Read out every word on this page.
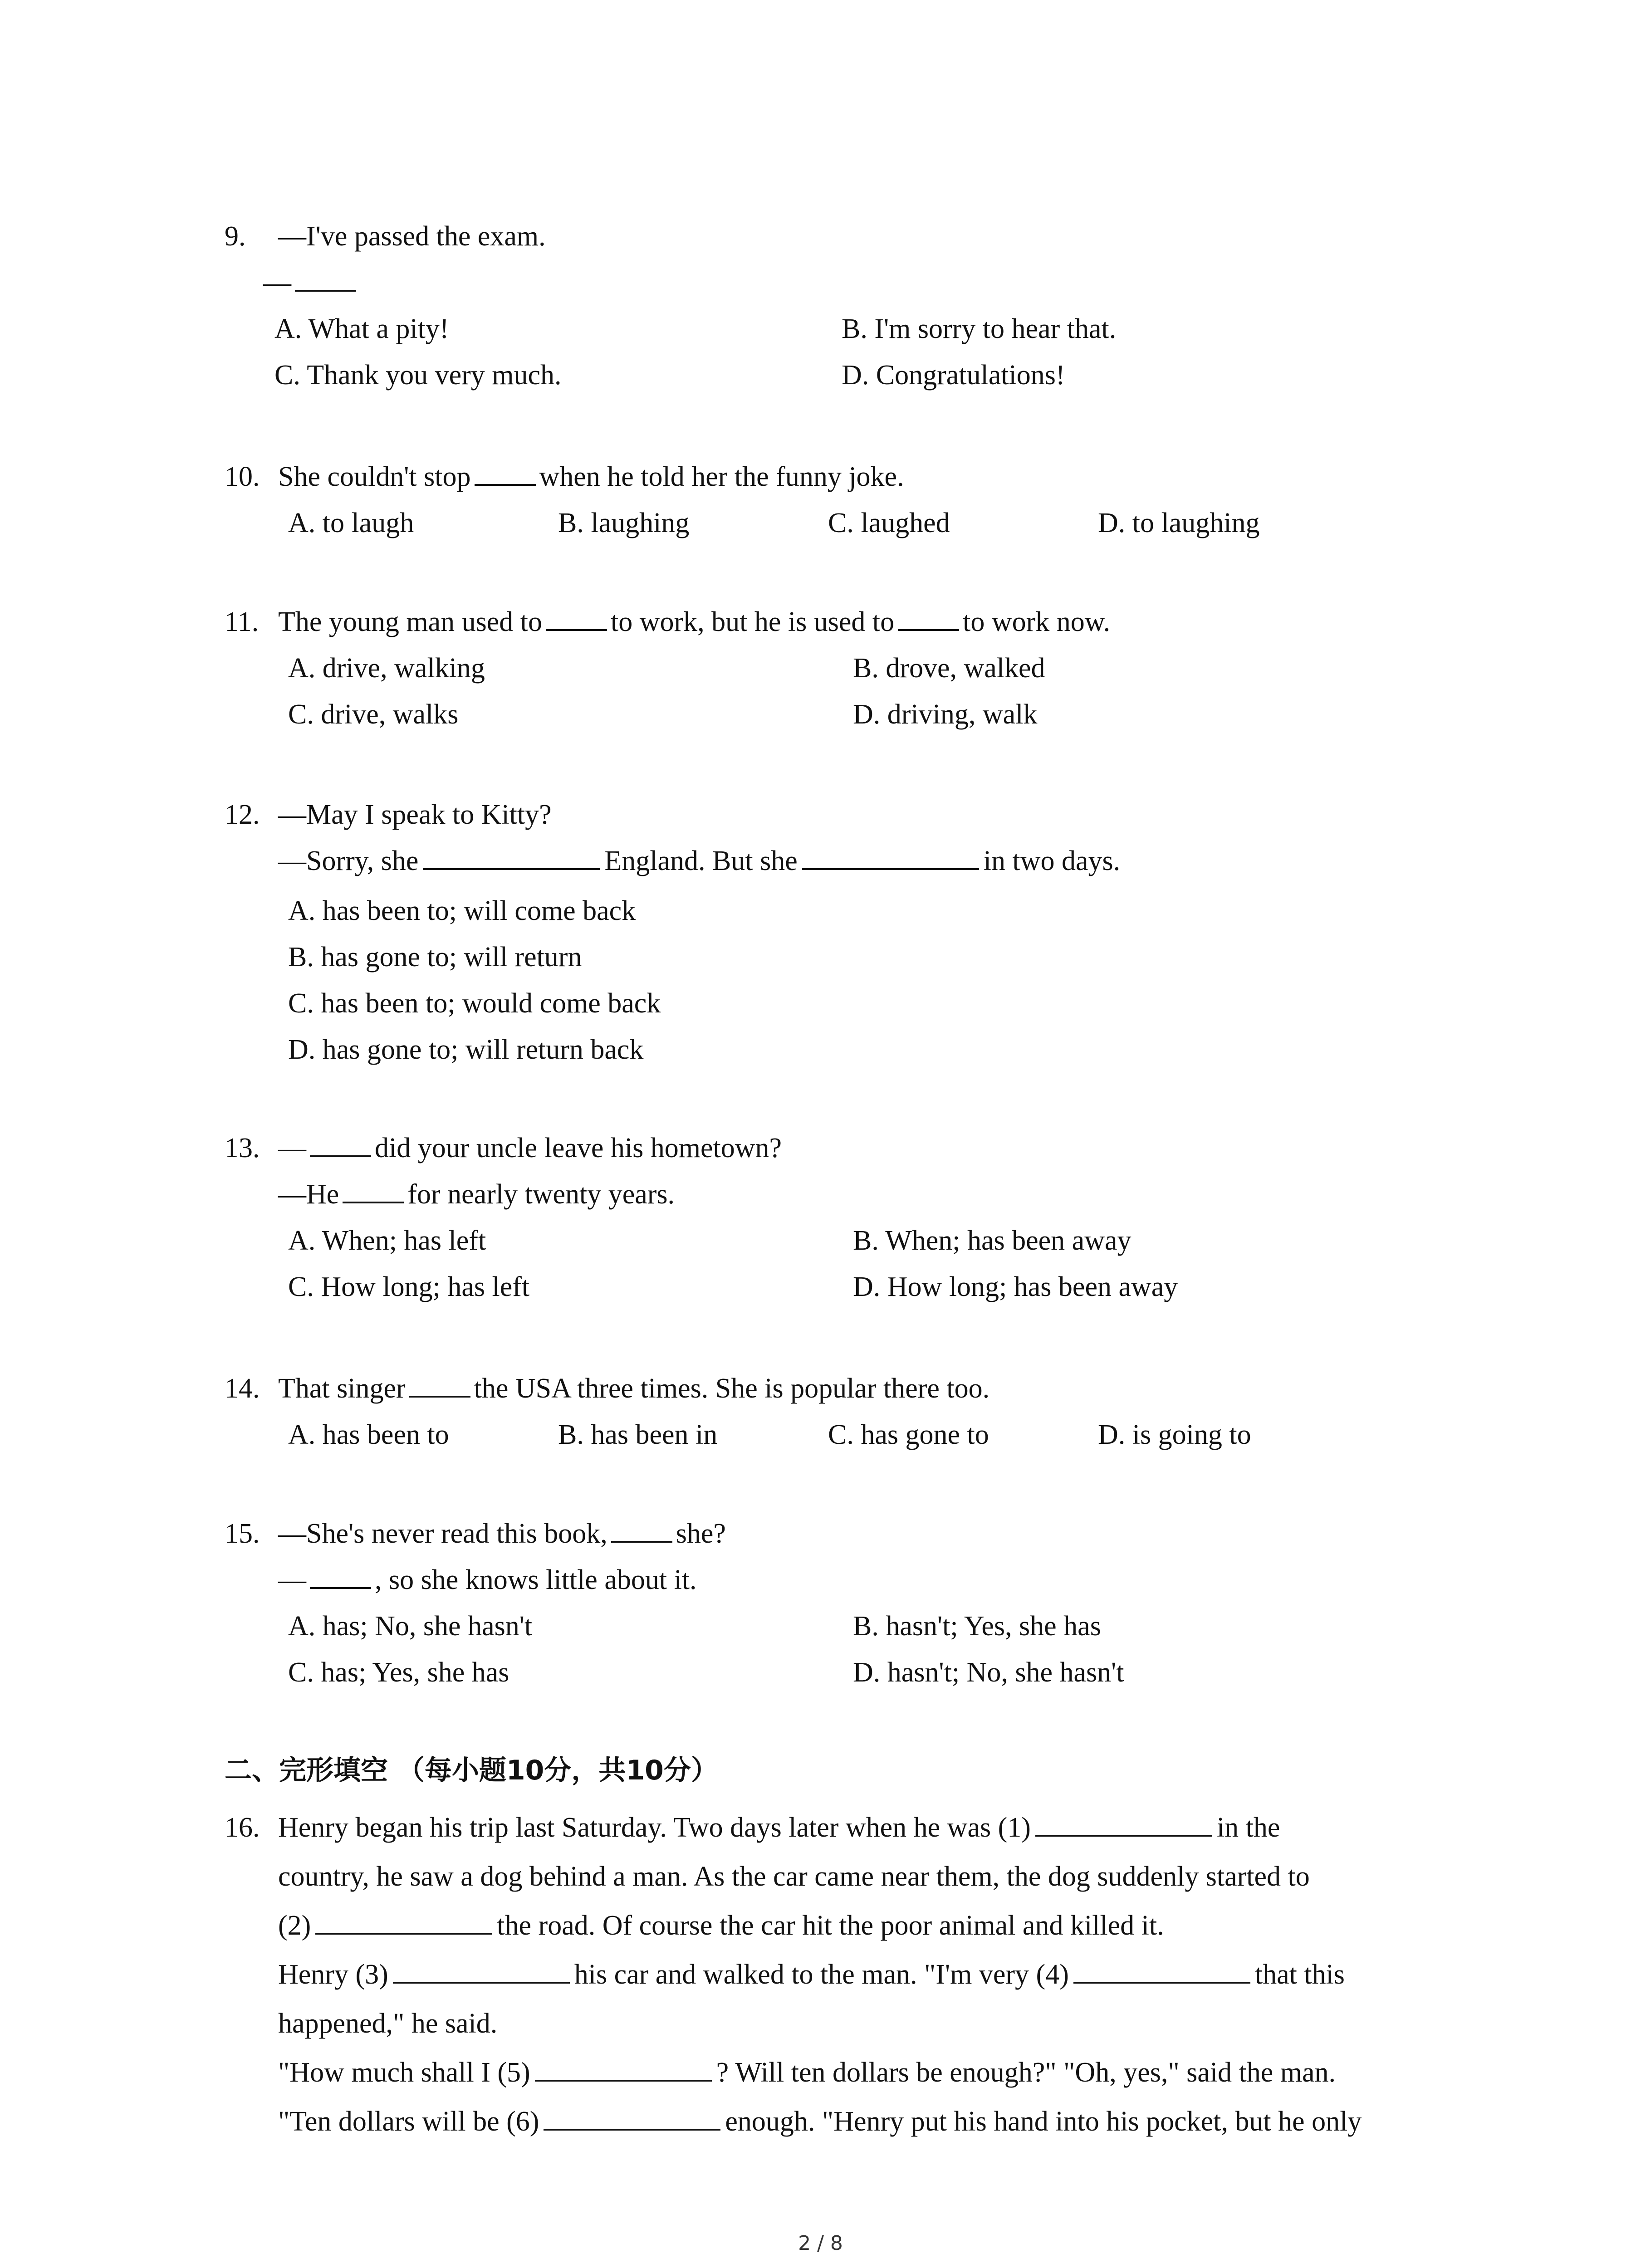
9. —I've passed the exam.
—
A. What a pity!	B. I'm sorry to hear that.
C. Thank you very much.	D. Congratulations!
10. She couldn't stop when he told her the funny joke.
A. to laugh	B. laughing	C. laughed	D. to laughing
11. The young man used to to work, but he is used to to work now.
A. drive, walking	B. drove, walked
C. drive, walks	D. driving, walk
12. —May I speak to Kitty?
—Sorry, she	England. But she	in two days.
A. has been to; will come back
B. has gone to; will return
C. has been to; would come back
D. has gone to; will return back
13. — did your uncle leave his hometown?
—He for nearly twenty years.
A. When; has left	B. When; has been away
C. How long; has left	D. How long; has been away
14. That singer the USA three times. She is popular there too.
A. has been to	B. has been in	C. has gone to	D. is going to
15. —She's never read this book, she?
— , so she knows little about it.
A. has; No, she hasn't	B. hasn't; Yes, she has
C. has; Yes, she has	D. hasn't; No, she hasn't
二、完形填空 （每小题10分，共10分）
16. Henry began his trip last Saturday. Two days later when he was (1)	in the
country, he saw a dog behind a man. As the car came near them, the dog suddenly started to
(2)	the road. Of course the car hit the poor animal and killed it.
Henry (3)	his car and walked to the man. "I'm very (4)	that this
happened," he said.
"How much shall I (5)	? Will ten dollars be enough?" "Oh, yes," said the man.
"Ten dollars will be (6)	enough. "Henry put his hand into his pocket, but he only
2 / 8
